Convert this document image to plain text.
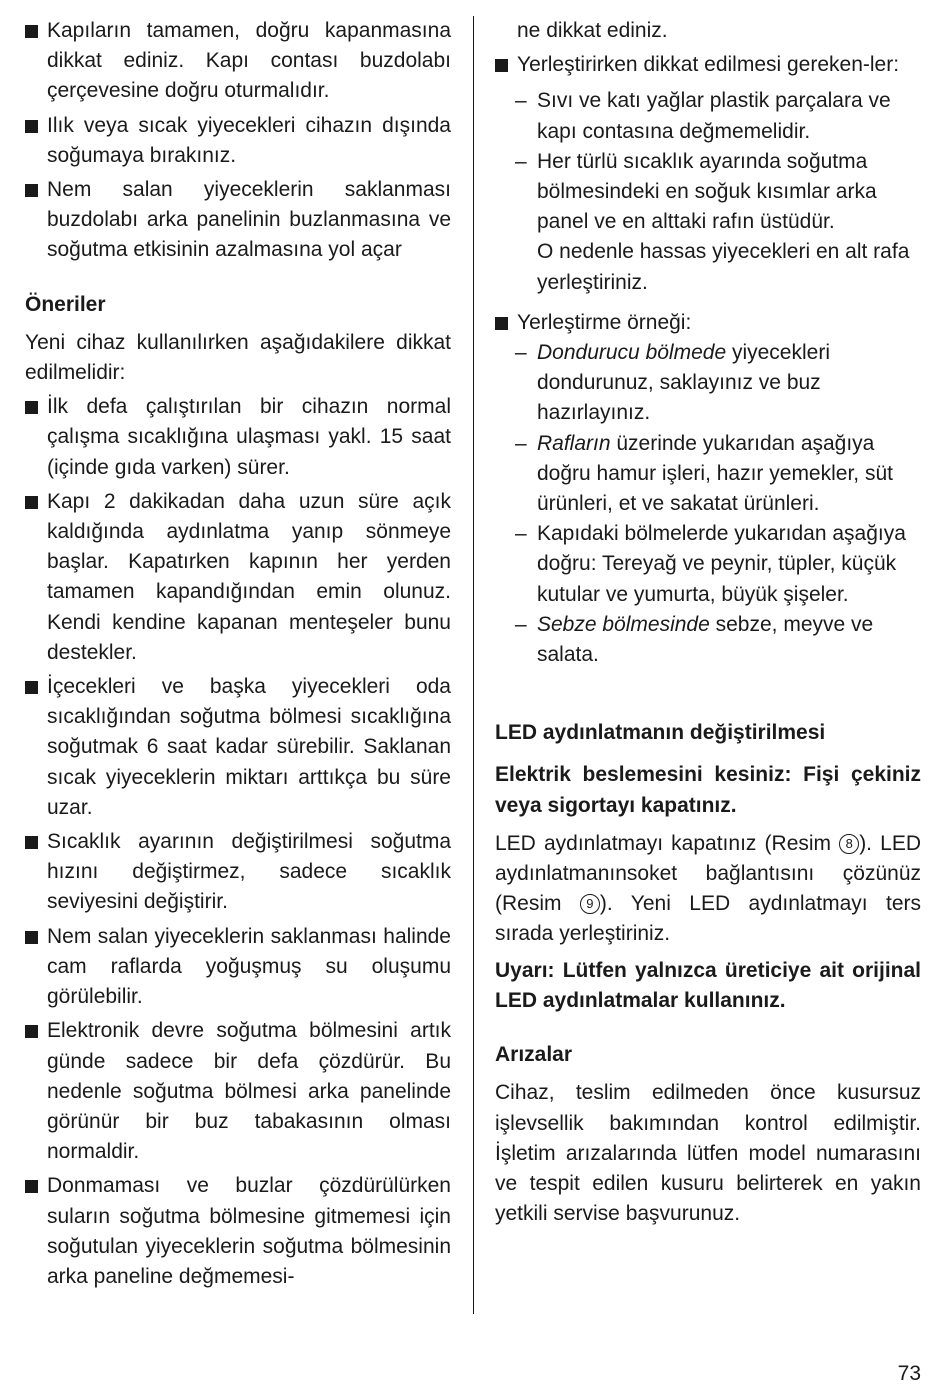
Kapıların tamamen, doğru kapanmasına dikkat ediniz. Kapı contası buzdolabı çerçevesine doğru oturmalıdır.

Ilık veya sıcak yiyecekleri cihazın dışında soğumaya bırakınız.

Nem salan yiyeceklerin saklanması buzdolabı arka panelinin buzlanmasına ve soğutma etkisinin azalmasına yol açar

Öneriler

Yeni cihaz kullanılırken aşağıdakilere dikkat edilmelidir:

İlk defa çalıştırılan bir cihazın normal çalışma sıcaklığına ulaşması yakl. 15 saat (içinde gıda varken) sürer.

Kapı 2 dakikadan daha uzun süre açık kaldığında aydınlatma yanıp sönmeye başlar. Kapatırken kapının her yerden tamamen kapandığından emin olunuz. Kendi kendine kapanan menteşeler bunu destekler.

İçecekleri ve başka yiyecekleri oda sıcaklığından soğutma bölmesi sıcaklığına soğutmak 6 saat kadar sürebilir. Saklanan sıcak yiyeceklerin miktarı arttıkça bu süre uzar.

Sıcaklık ayarının değiştirilmesi soğutma hızını değiştirmez, sadece sıcaklık seviyesini değiştirir.

Nem salan yiyeceklerin saklanması halinde cam raflarda yoğuşmuş su oluşumu görülebilir.

Elektronik devre soğutma bölmesini artık günde sadece bir defa çözdürür. Bu nedenle soğutma bölmesi arka panelinde görünür bir buz tabakasının olması normaldir.

Donmaması ve buzlar çözdürülürken suların soğutma bölmesine gitmemesi için soğutulan yiyeceklerin soğutma bölmesinin arka paneline değmemesi-

ne dikkat ediniz.

Yerleştirirken dikkat edilmesi gereken-ler:

– Sıvı ve katı yağlar plastik parçalara ve kapı contasına değmemelidir.

– Her türlü sıcaklık ayarında soğutma bölmesindeki en soğuk kısımlar arka panel ve en alttaki rafın üstüdür.

O nedenle hassas yiyecekleri en alt rafa yerleştiriniz.

Yerleştirme örneği:

– Dondurucu bölmede yiyecekleri dondurunuz, saklayınız ve buz hazırlayınız.

– Rafların üzerinde yukarıdan aşağıya doğru hamur işleri, hazır yemekler, süt ürünleri, et ve sakatat ürünleri.

– Kapıdaki bölmelerde yukarıdan aşağıya doğru: Tereyağ ve peynir, tüpler, küçük kutular ve yumurta, büyük şişeler.

– Sebze bölmesinde sebze, meyve ve salata.

LED aydınlatmanın değiştirilmesi

Elektrik beslemesini kesiniz: Fişi çekiniz veya sigortayı kapatınız.

LED aydınlatmayı kapatınız (Resim 8 ). LED aydınlatmanınsoket bağlantısını çözünüz (Resim 9 ). Yeni LED aydınlatmayı ters sırada yerleştiriniz.

Uyarı: Lütfen yalnızca üreticiye ait orijinal LED aydınlatmalar kullanınız.

Arızalar

Cihaz, teslim edilmeden önce kusursuz işlevsellik bakımından kontrol edilmiştir. İşletim arızalarında lütfen model numarasını ve tespit edilen kusuru belirterek en yakın yetkili servise başvurunuz.

73
